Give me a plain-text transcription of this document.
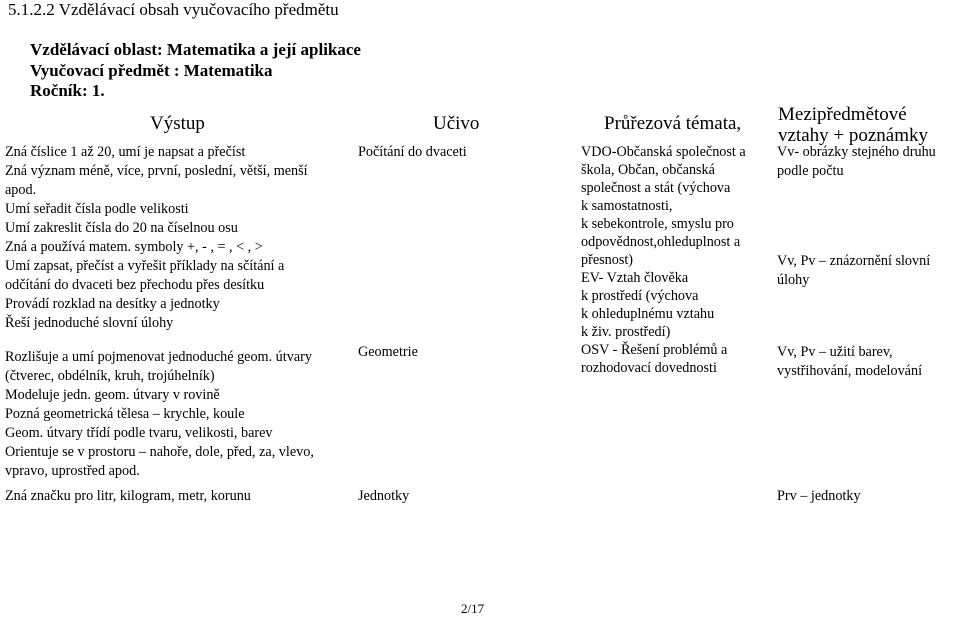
5.1.2.2 Vzdělávací obsah vyučovacího předmětu
Vzdělávací oblast: Matematika a její aplikace
Vyučovací předmět : Matematika
Ročník: 1.
Výstup	Učivo	Průřezová témata, Mezipředmětové
vztahy + poznámky
Zná číslice 1 až 20, umí je napsat a přečíst
Zná význam méně, více, první, poslední, větší, menší
apod.
Umí seřadit čísla podle velikosti
Umí zakreslit čísla do 20 na číselnou osu
Zná a používá matem. symboly +, - , = , < , >
Umí zapsat, přečíst a vyřešit příklady na sčítání a
odčítání do dvaceti bez přechodu přes desítku
Provádí rozklad na desítky a jednotky
Řeší jednoduché slovní úlohy
Rozlišuje a umí pojmenovat jednoduché geom. útvary
(čtverec, obdélník, kruh, trojúhelník)
Modeluje jedn. geom. útvary v rovině
Pozná geometrická tělesa – krychle, koule
Geom. útvary třídí podle tvaru, velikosti, barev
Orientuje se v prostoru – nahoře, dole, před, za, vlevo,
vpravo, uprostřed apod.
Zná značku pro litr, kilogram, metr, korunu
Počítání do dvaceti
Geometrie
Jednotky
VDO-Občanská společnost a
škola, Občan, občanská
společnost a stát (výchova
k samostatnosti,
k sebekontrole, smyslu pro
odpovědnost,ohleduplnost a
přesnost)
EV- Vztah člověka
k prostředí (výchova
k ohleduplnému vztahu
k živ. prostředí)
OSV - Řešení problémů a
rozhodovací dovednosti
Vv- obrázky stejného druhu
podle počtu
Vv, Pv – znázornění slovní
úlohy
Vv, Pv – užití barev,
vystřihování, modelování
Prv – jednotky
2/17
